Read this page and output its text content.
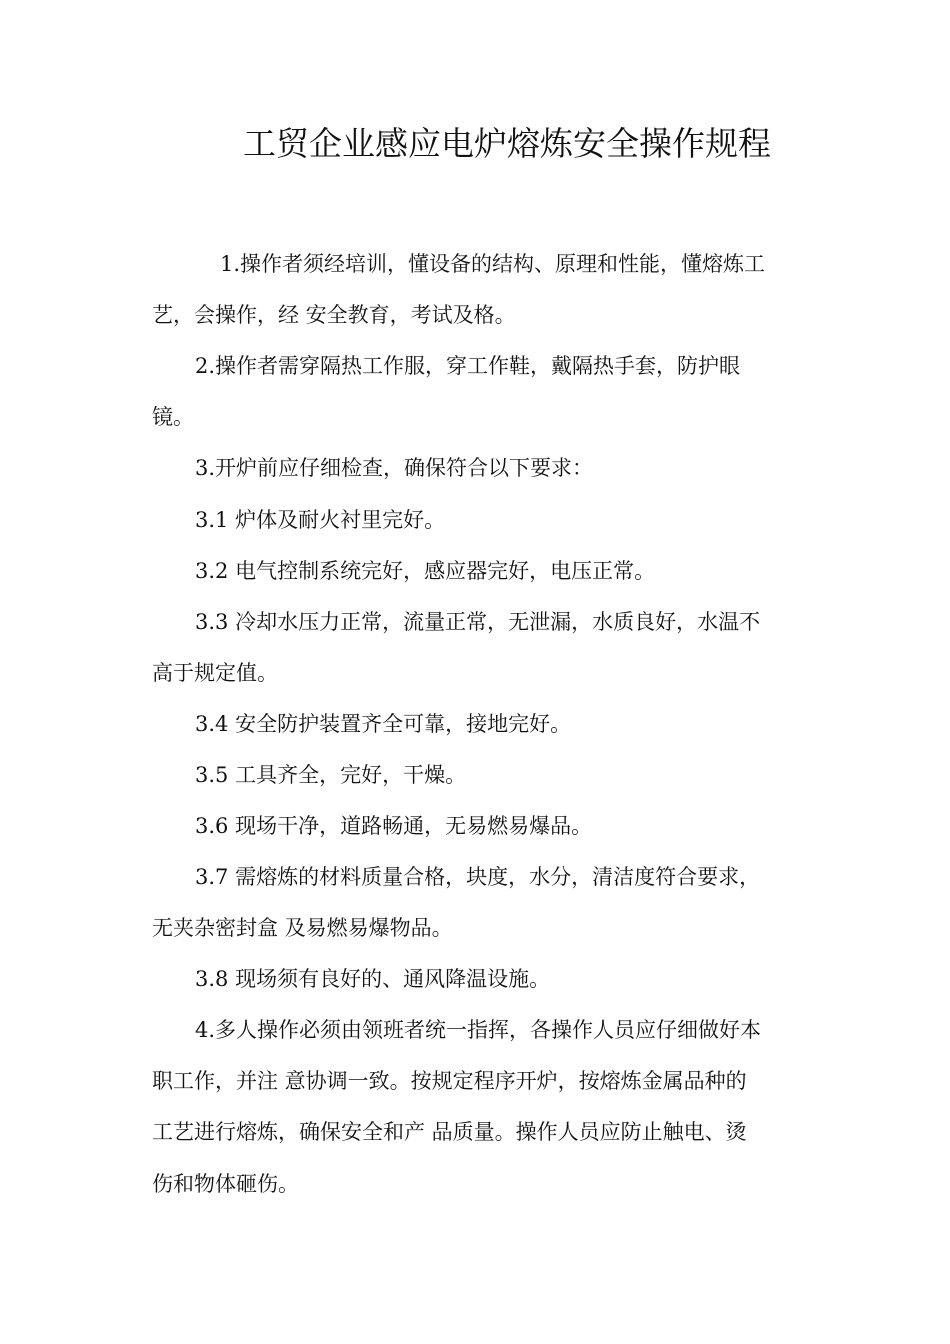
工贸企业感应电炉熔炼安全操作规程
1.操作者须经培训，懂设备的结构、原理和性能，懂熔炼工
艺，会操作，经 安全教育，考试及格。
2.操作者需穿隔热工作服，穿工作鞋，戴隔热手套，防护眼
镜。
3.开炉前应仔细检查，确保符合以下要求：
3.1 炉体及耐火衬里完好。
3.2 电气控制系统完好，感应器完好，电压正常。
3.3 冷却水压力正常，流量正常，无泄漏，水质良好，水温不
高于规定值。
3.4 安全防护装置齐全可靠，接地完好。
3.5 工具齐全，完好，干燥。
3.6 现场干净，道路畅通，无易燃易爆品。
3.7 需熔炼的材料质量合格，块度，水分，清洁度符合要求，
无夹杂密封盒 及易燃易爆物品。
3.8 现场须有良好的、通风降温设施。
4.多人操作必须由领班者统一指挥，各操作人员应仔细做好本
职工作，并注 意协调一致。按规定程序开炉，按熔炼金属品种的
工艺进行熔炼，确保安全和产 品质量。操作人员应防止触电、烫
伤和物体砸伤。
